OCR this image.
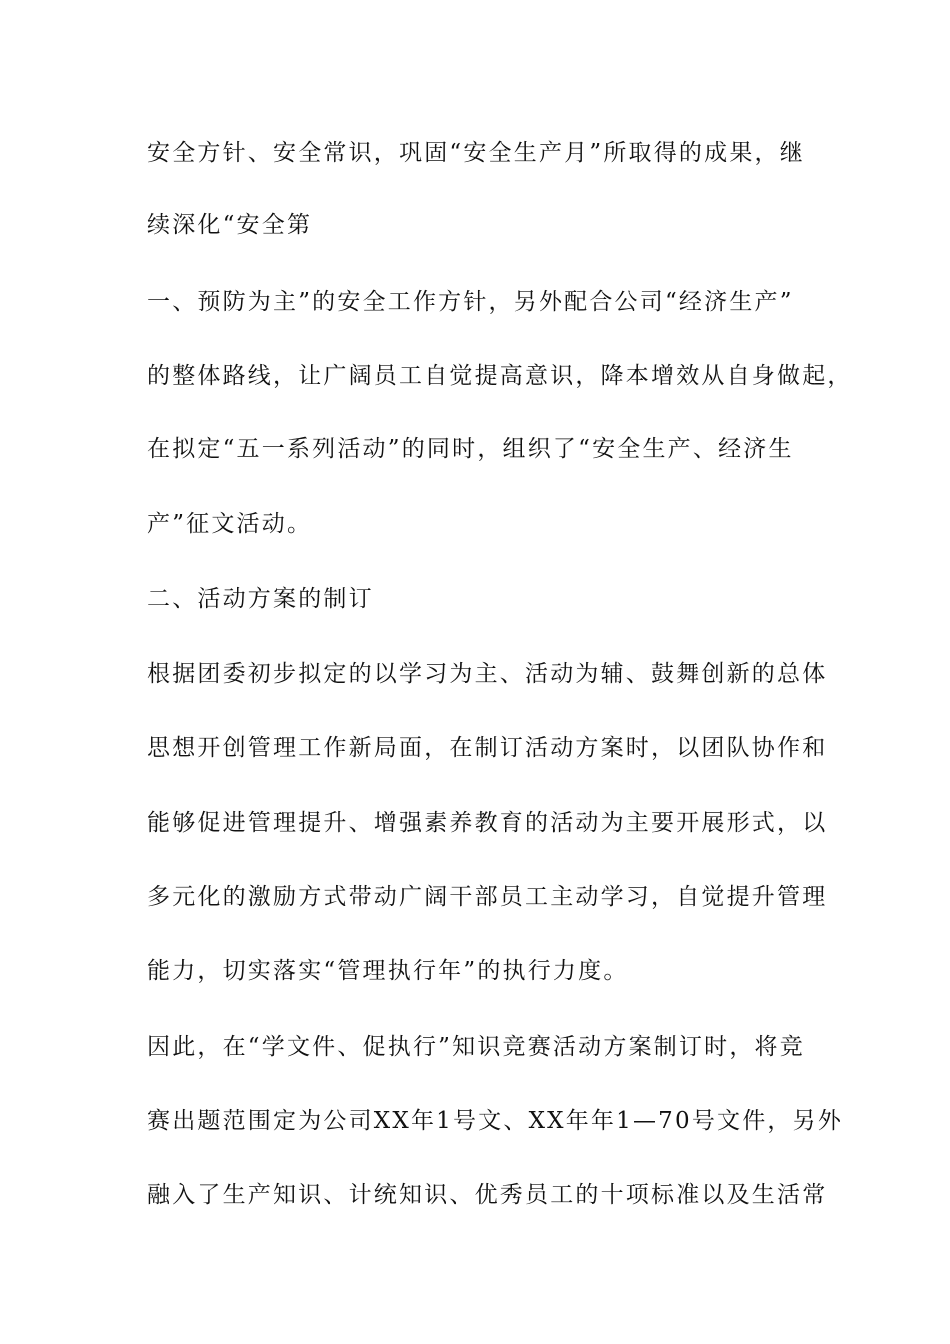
安全方针、安全常识，巩固“安全生产月”所取得的成果，继
续深化“安全第
一、预防为主”的安全工作方针，另外配合公司“经济生产”
的整体路线，让广阔员工自觉提高意识，降本增效从自身做起，
在拟定“五一系列活动”的同时，组织了“安全生产、经济生
产”征文活动。
二、活动方案的制订
根据团委初步拟定的以学习为主、活动为辅、鼓舞创新的总体
思想开创管理工作新局面，在制订活动方案时，以团队协作和
能够促进管理提升、增强素养教育的活动为主要开展形式，以
多元化的激励方式带动广阔干部员工主动学习，自觉提升管理
能力，切实落实“管理执行年”的执行力度。
因此，在“学文件、促执行”知识竞赛活动方案制订时，将竞
赛出题范围定为公司XX年1号文、XX年年1—70号文件，另外
融入了生产知识、计统知识、优秀员工的十项标准以及生活常
